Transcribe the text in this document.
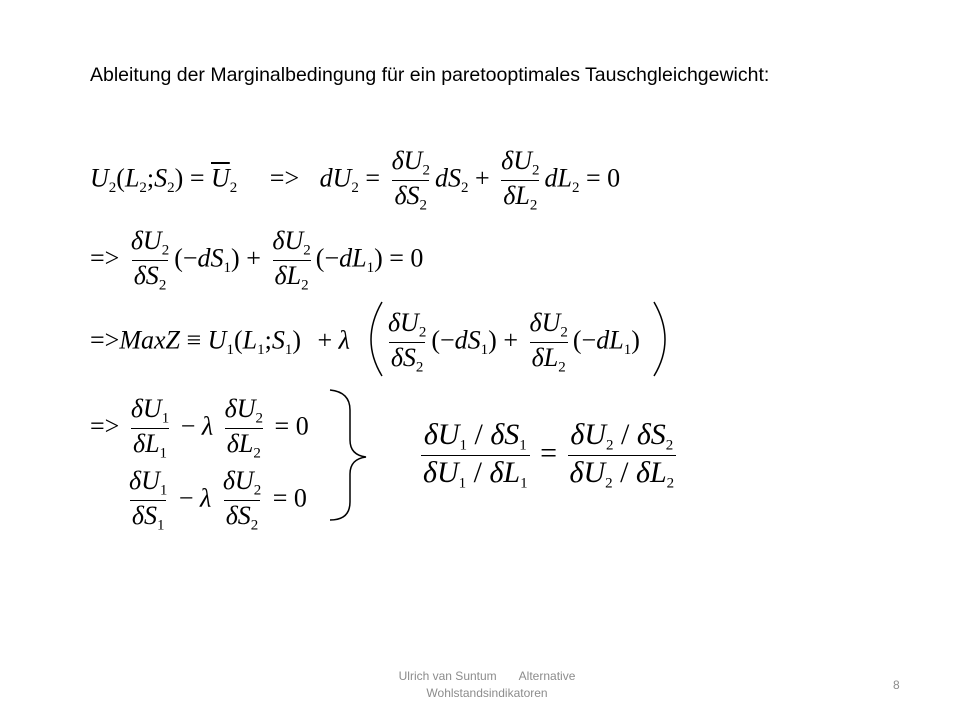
Ableitung der Marginalbedingung für ein paretooptimales Tauschgleichgewicht:
$U_2(L_2;S_2) = \overline{U}_2 => dU_2 = \frac{\delta U_2}{\delta S_2} dS_2 + \frac{\delta U_2}{\delta L_2} dL_2 = 0$
=> $\frac{\delta U_2}{\delta S_2} (-dS_1) + \frac{\delta U_2}{\delta L_2} (-dL_1) = 0$
=>MaxZ ≡ $U_1(L_1;S_1) + \lambda \frac{\delta U_2}{\delta S_2} (-dS_1) + \frac{\delta U_2}{\delta L_2} (-dL_1)$
=> $\frac{\delta U_1}{\delta L_1} - \lambda \frac{\delta U_2}{\delta L_2} = 0$
$\frac{\delta U_1}{\delta S_1} - \lambda \frac{\delta U_2}{\delta S_2} = 0$
$\frac{\delta U_1 / \delta S_1}{\delta U_1 / \delta L_1} = \frac{\delta U_2 / \delta S_2}{\delta U_2 / \delta L_2}$
Ulrich van Suntum Alternative
Wohlstandsindikatoren
8
